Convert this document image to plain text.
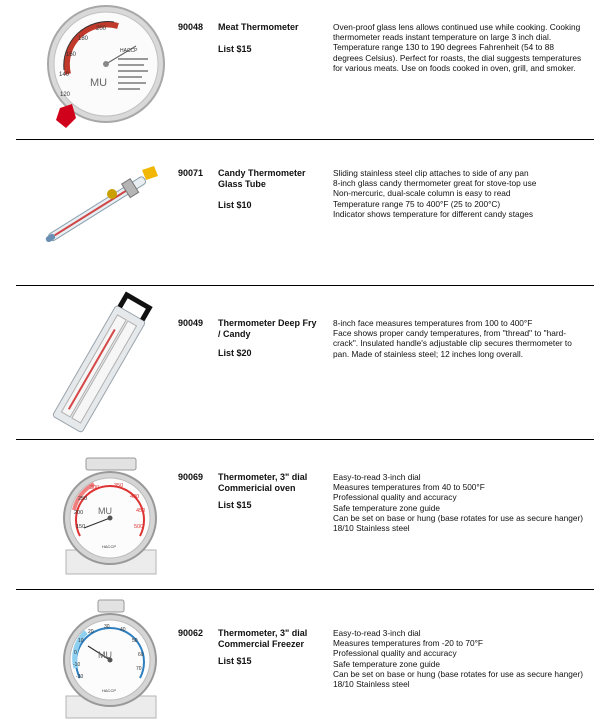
120
140
160
180
200
MU
HACCP
90048 Meat Thermometer
List $15
Oven-proof glass lens allows continued use while cooking. Cooking thermometer reads instant temperature on large 3 inch dial. Temperature range 130 to 190 degrees Fahrenheit (54 to 88 degrees Celsius). Perfect for roasts, the dial suggests temperatures for various meats. Use on foods cooked in oven, grill, and smoker.
90071 Candy Thermometer Glass Tube
List $10
Sliding stainless steel clip attaches to side of any pan
8-inch glass candy thermometer great for stove-top use
Non-mercuric, dual-scale column is easy to read
Temperature range 75 to 400°F (25 to 200°C)
Indicator shows temperature for different candy stages
90049 Thermometer Deep Fry / Candy
List $20
8-inch face measures temperatures from 100 to 400°F
Face shows proper candy temperatures, from "thread" to "hard-crack". Insulated handle's adjustable clip secures thermometer to pan. Made of stainless steel; 12 inches long overall.
150
200
250
300	350
400
450
500
MU
HACCP
90069 Thermometer, 3" dial Commericial oven
List $15
Easy-to-read 3-inch dial
Measures temperatures from 40 to 500°F
Professional quality and accuracy
Safe temperature zone guide
Can be set on base or hung (base rotates for use as secure hanger)
18/10 Stainless steel
-20
-10
0
10
20
30 40
50
60
70
MU
HACCP
90062 Thermometer, 3" dial Commercial Freezer
List $15
Easy-to-read 3-inch dial
Measures temperatures from -20 to 70°F
Professional quality and accuracy
Safe temperature zone guide
Can be set on base or hung (base rotates for use as secure hanger)
18/10 Stainless steel
